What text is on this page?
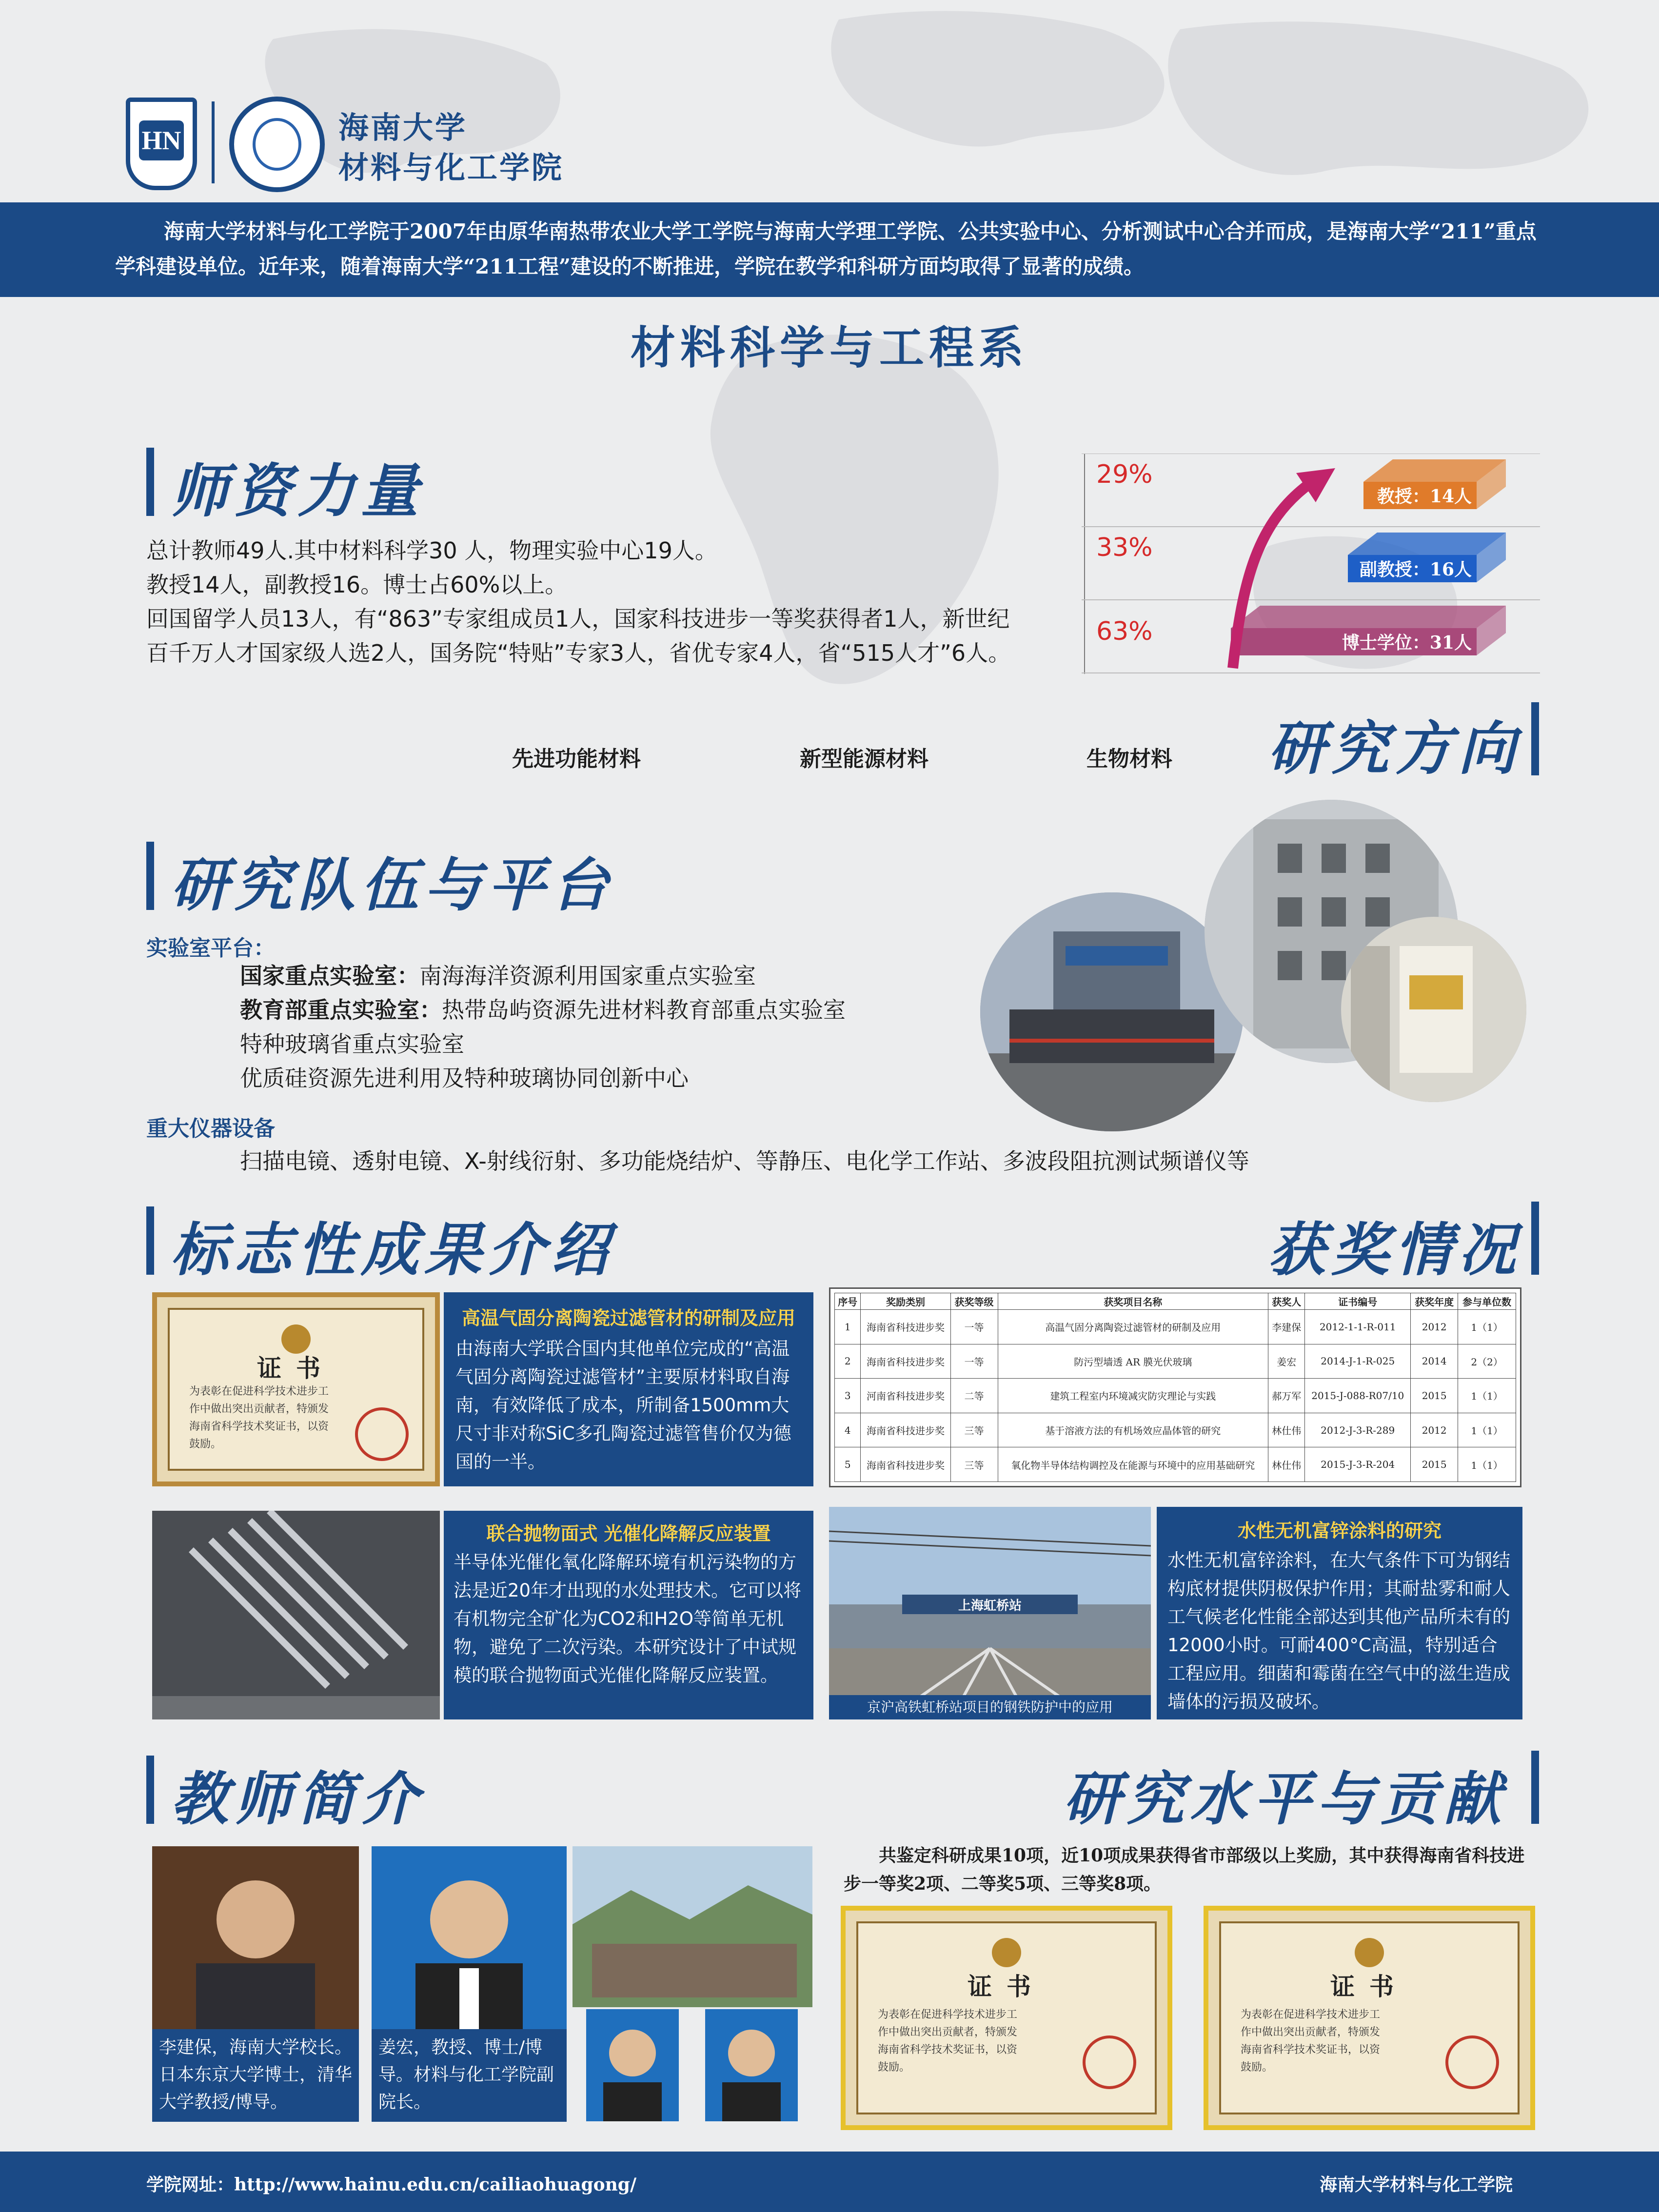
HN	海南大学
材料与化工学院
海南大学材料与化工学院于2007年由原华南热带农业大学工学院与海南大学理工学院、公共实验中心、分析测试中心合并而成，是海南大学“211”重点学科建设单位。近年来，随着海南大学“211工程”建设的不断推进，学院在教学和科研方面均取得了显著的成绩。
材料科学与工程系
师资力量
总计教师49人.其中材料科学30 人，物理实验中心19人。
教授14人，副教授16。博士占60%以上。
回国留学人员13人，有“863”专家组成员1人，国家科技进步一等奖获得者1人，新世纪百千万人才国家级人选2人，国务院“特贴”专家3人，省优专家4人，省“515人才”6人。
教授：14人
29%
副教授：16人
33%
博士学位：31人
63%
先进功能材料	新型能源材料	生物材料 研究方向
研究队伍与平台
实验室平台：
国家重点实验室：南海海洋资源利用国家重点实验室
教育部重点实验室：热带岛屿资源先进材料教育部重点实验室
特种玻璃省重点实验室
优质硅资源先进利用及特种玻璃协同创新中心
重大仪器设备
扫描电镜、透射电镜、X-射线衍射、多功能烧结炉、等静压、电化学工作站、多波段阻抗测试频谱仪等
标志性成果介绍	获奖情况
证书
为表彰在促进科学技术进步工作中做出突出贡献者，特颁发海南省科学技术奖证书，以资鼓励。
高温气固分离陶瓷过滤管材的研制及应用
由海南大学联合国内其他单位完成的“高温气固分离陶瓷过滤管材”主要原材料取自海南，有效降低了成本，所制备1500mm大尺寸非对称SiC多孔陶瓷过滤管售价仅为德国的一半。
序号	奖励类别	获奖等级	获奖项目名称	获奖人	证书编号	获奖年度	参与单位数
1	海南省科技进步奖	一等	高温气固分离陶瓷过滤管材的研制及应用	李建保	2012-1-1-R-011	2012	1（1）
2	海南省科技进步奖	一等	防污型墙透 AR 膜光伏玻璃	姜宏	2014-J-1-R-025	2014	2（2）
3	河南省科技进步奖	二等	建筑工程室内环境减灾防灾理论与实践	郝万军	2015-J-088-R07/10	2015	1（1）
4	海南省科技进步奖	三等	基于溶液方法的有机场效应晶体管的研究	林仕伟	2012-J-3-R-289	2012	1（1）
5	海南省科技进步奖	三等	氧化物半导体结构调控及在能源与环境中的应用基础研究	林仕伟	2015-J-3-R-204	2015	1（1）
联合抛物面式 光催化降解反应装置
半导体光催化氧化降解环境有机污染物的方法是近20年才出现的水处理技术。它可以将有机物完全矿化为CO2和H2O等简单无机物，避免了二次污染。本研究设计了中试规模的联合抛物面式光催化降解反应装置。
上海虹桥站
京沪高铁虹桥站项目的钢铁防护中的应用
水性无机富锌涂料的研究
水性无机富锌涂料，在大气条件下可为钢结构底材提供阴极保护作用；其耐盐雾和耐人工气候老化性能全部达到其他产品所未有的12000小时。可耐400°C高温，特别适合工程应用。细菌和霉菌在空气中的滋生造成墙体的污损及破坏。
教师简介	研究水平与贡献
李建保，海南大学校长。日本东京大学博士，清华大学教授/博导。
姜宏，教授、博士/博导。材料与化工学院副院长。
共鉴定科研成果10项，近10项成果获得省市部级以上奖励，其中获得海南省科技进步一等奖2项、二等奖5项、三等奖8项。
证书
为表彰在促进科学技术进步工作中做出突出贡献者，特颁发海南省科学技术奖证书，以资鼓励。
证书
为表彰在促进科学技术进步工作中做出突出贡献者，特颁发海南省科学技术奖证书，以资鼓励。
学院网址：http://www.hainu.edu.cn/cailiaohuagong/	海南大学材料与化工学院
